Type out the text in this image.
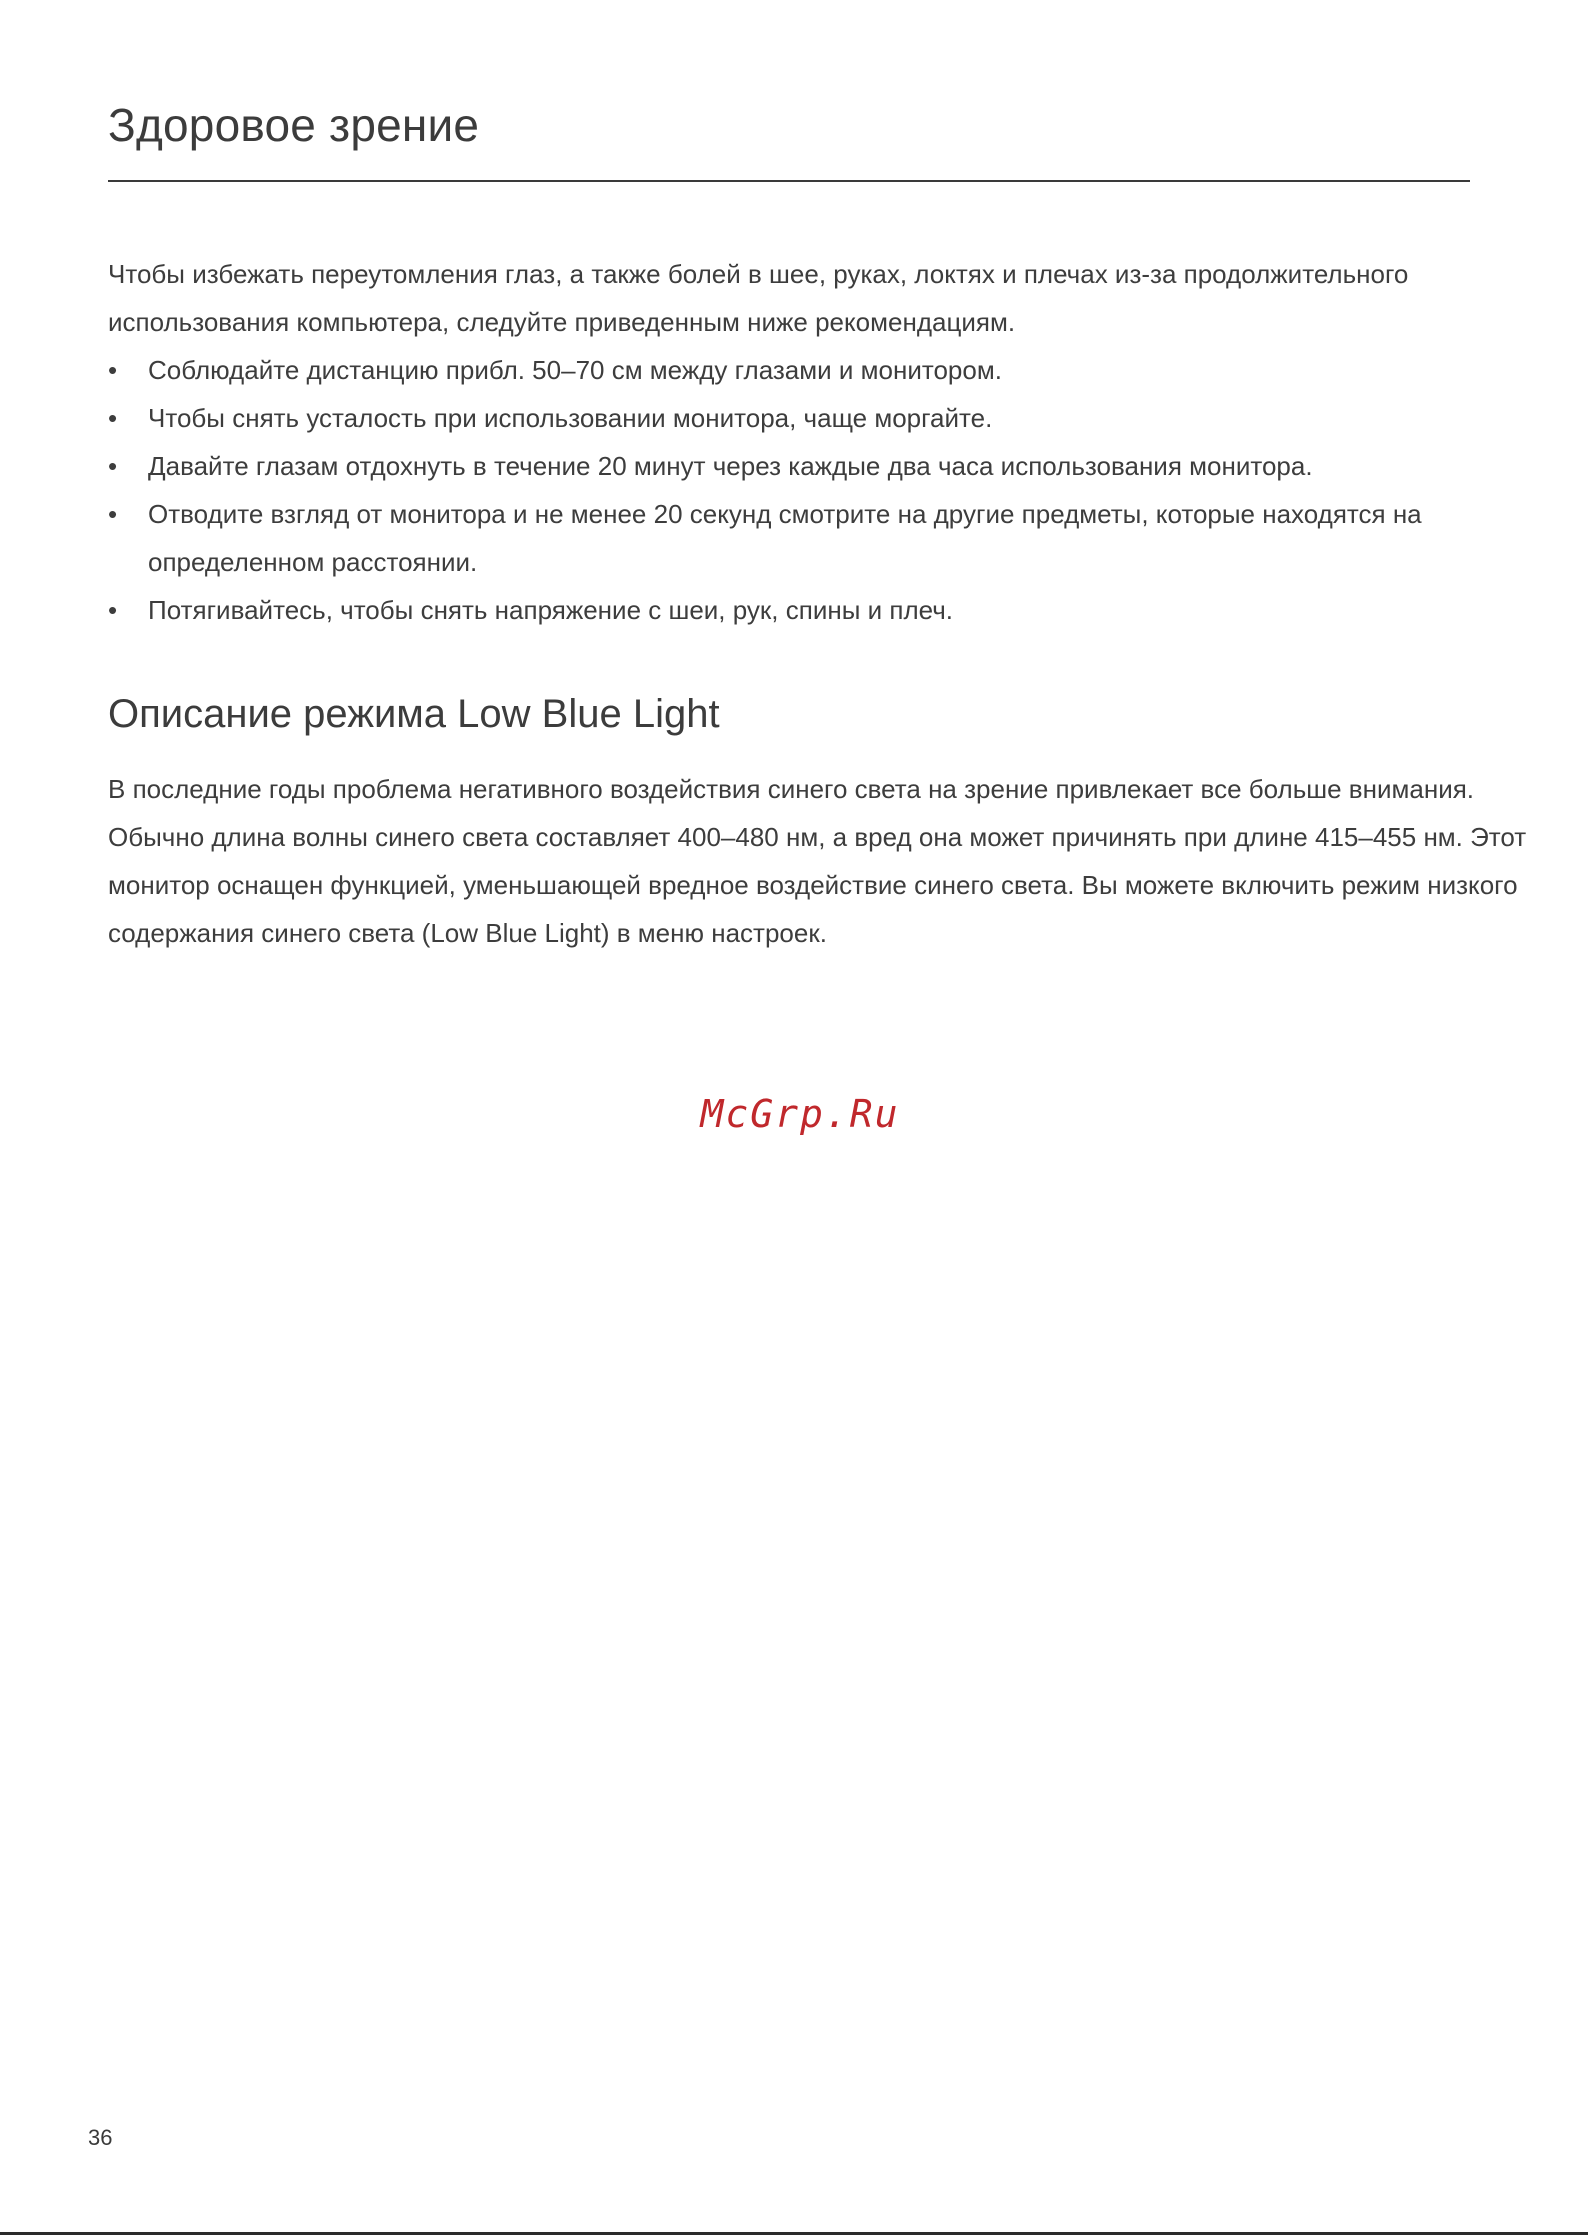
Здоровое зрение

Чтобы избежать переутомления глаз, а также болей в шее, руках, локтях и плечах из-за продолжительного использования компьютера, следуйте приведенным ниже рекомендациям.

• Соблюдайте дистанцию прибл. 50–70 см между глазами и монитором.
• Чтобы снять усталость при использовании монитора, чаще моргайте.
• Давайте глазам отдохнуть в течение 20 минут через каждые два часа использования монитора.
• Отводите взгляд от монитора и не менее 20 секунд смотрите на другие предметы, которые находятся на определенном расстоянии.
• Потягивайтесь, чтобы снять напряжение с шеи, рук, спины и плеч.
Описание режима Low Blue Light

В последние годы проблема негативного воздействия синего света на зрение привлекает все больше внимания. Обычно длина волны синего света составляет 400–480 нм, а вред она может причинять при длине 415–455 нм. Этот монитор оснащен функцией, уменьшающей вредное воздействие синего света. Вы можете включить режим низкого содержания синего света (Low Blue Light) в меню настроек.

McGrp.Ru
36
